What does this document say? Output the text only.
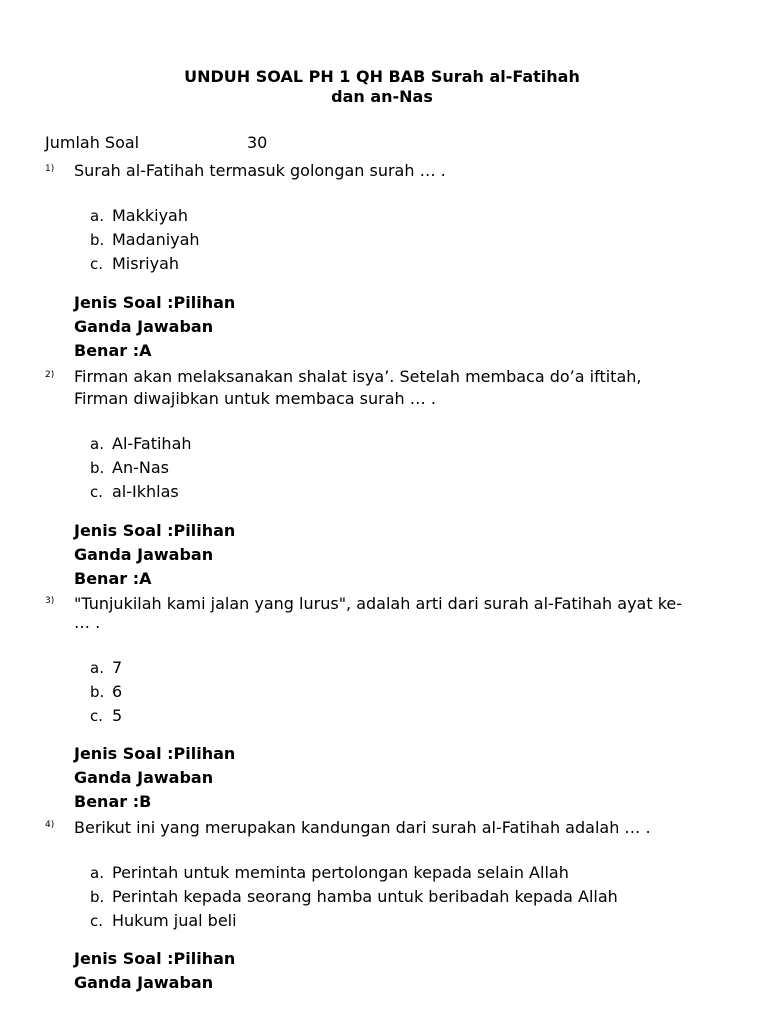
UNDUH SOAL PH 1 QH BAB Surah al-Fatihah
dan an-Nas
Jumlah Soal	30
1) Surah al-Fatihah termasuk golongan surah … .
a. Makkiyah
b. Madaniyah
c. Misriyah
Jenis Soal :Pilihan
Ganda Jawaban
Benar :A
2) Firman akan melaksanakan shalat isya’. Setelah membaca do’a iftitah, Firman diwajibkan untuk membaca surah … .
a. Al-Fatihah
b. An-Nas
c. al-Ikhlas
Jenis Soal :Pilihan
Ganda Jawaban
Benar :A
3) "Tunjukilah kami jalan yang lurus", adalah arti dari surah al-Fatihah ayat ke- … .
a. 7
b. 6
c. 5
Jenis Soal :Pilihan
Ganda Jawaban
Benar :B
4) Berikut ini yang merupakan kandungan dari surah al-Fatihah adalah … .
a. Perintah untuk meminta pertolongan kepada selain Allah
b. Perintah kepada seorang hamba untuk beribadah kepada Allah
c. Hukum jual beli
Jenis Soal :Pilihan
Ganda Jawaban
